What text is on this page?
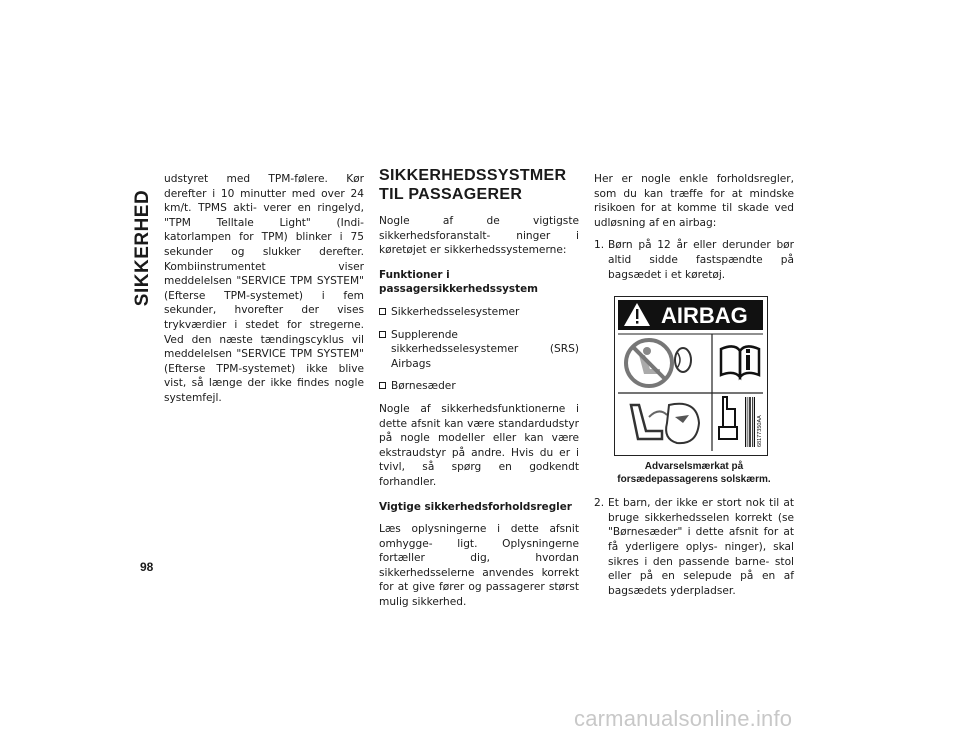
SIKKERHED

udstyret med TPM-følere. Kør derefter i 10 minutter med over 24 km/t. TPMS akti- verer en ringelyd, "TPM Telltale Light" (Indi- katorlampen for TPM) blinker i 75 sekunder og slukker derefter. Kombiinstrumentet viser meddelelsen "SERVICE TPM SYSTEM" (Efterse TPM-systemet) i fem sekunder, hvorefter der vises trykværdier i stedet for stregerne. Ved den næste tændingscyklus vil meddelelsen "SERVICE TPM SYSTEM" (Efterse TPM-systemet) ikke blive vist, så længe der ikke findes nogle systemfejl.

SIKKERHEDSSYSTMER TIL PASSAGERER

Nogle af de vigtigste sikkerhedsforanstalt- ninger i køretøjet er sikkerhedssystemerne:

Funktioner i passagersikkerhedssystem
Sikkerhedsselesystemer
Supplerende sikkerhedsselesystemer (SRS) Airbags
Børnesæder

Nogle af sikkerhedsfunktionerne i dette afsnit kan være standardudstyr på nogle modeller eller kan være ekstraudstyr på andre. Hvis du er i tvivl, så spørg en godkendt forhandler.

Vigtige sikkerhedsforholdsregler

Læs oplysningerne i dette afsnit omhygge- ligt. Oplysningerne fortæller dig, hvordan sikkerhedsselerne anvendes korrekt for at give fører og passagerer størst mulig sikkerhed.

Her er nogle enkle forholdsregler, som du kan træffe for at mindske risikoen for at komme til skade ved udløsning af en airbag:

1. Børn på 12 år eller derunder bør altid sidde fastspændte på bagsædet i et køretøj.
AIRBAG
68177350AA
Advarselsmærkat på forsædepassagerens solskærm.
2. Et barn, der ikke er stort nok til at bruge sikkerhedsselen korrekt (se "Børnesæder" i dette afsnit for at få yderligere oplys- ninger), skal sikres i den passende barne- stol eller på en selepude på en af bagsædets yderpladser.
98
carmanualsonline.info
